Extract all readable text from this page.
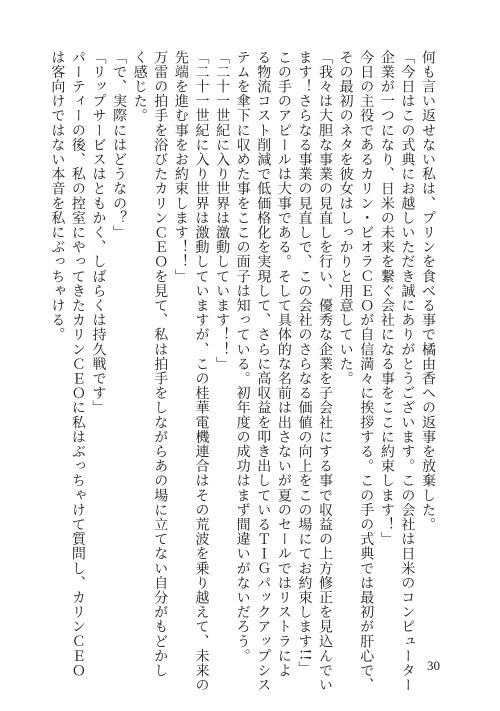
何も言い返せない私は、プリンを食べる事で橘由香への返事を放棄した。

「今日はこの式典にお越しいただき誠にありがとうございます。この会社は日米のコンピューター

企業が一つになり、日米の未来を繋ぐ会社になる事をここに約束します！」

今日の主役であるカリン・ビオラＣＥＯが自信満々に挨拶する。この手の式典では最初が肝心で、

その最初のネタを彼女はしっかりと用意していた。

「我々は大胆な事業の見直しを行い、優秀な企業を子会社にする事で収益の上方修正を見込んでい

ます！さらなる事業の見直しで、この会社のさらなる価値の向上をこの場にてお約束します!!」

この手のアピールは大事である。そして具体的な名前は出さないが夏のセールではリストラによ

る物流コスト削減で低価格化を実現して、さらに高収益を叩き出しているＴＩＧパックアップシス

テムを傘下に収めた事をここの面子は知っている。初年度の成功はまず間違いがないだろう。

「二十一世紀に入り世界は激動しています！！」

「二十一世紀に入り世界は激動していますが、この桂華電機連合はその荒波を乗り越えて、未来の

先端を進む事をお約束します！！」

万雷の拍手を浴びたカリンＣＥＯを見て、私は拍手をしながらあの場に立てない自分がもどかし

く感じた。

「で、実際にはどうなの？」

「リップサービスはともかく、しばらくは持久戦です」

パーティーの後、私の控室にやってきたカリンＣＥＯに私はぶっちゃけて質問し、カリンＣＥＯ

は客向けではない本音を私にぶっちゃける。

30
